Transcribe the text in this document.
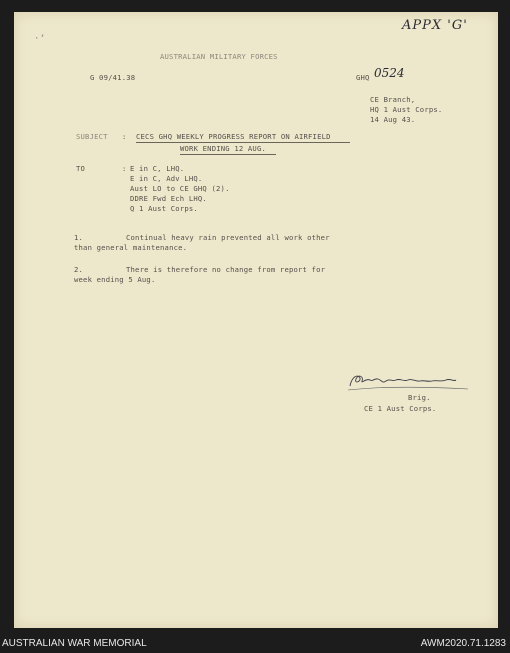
·ʼ
APPX 'G'
AUSTRALIAN MILITARY FORCES
G 09/41.38	GHQ 0524
CE Branch,
HQ 1 Aust Corps.
14 Aug 43.
SUBJECT : CECS GHQ WEEKLY PROGRESS REPORT ON AIRFIELD
WORK ENDING 12 AUG.
TO	: E in C, LHQ.
E in C, Adv LHQ.
Aust LO to CE GHQ (2).
DDRE Fwd Ech LHQ.
Q 1 Aust Corps.
1.	Continual heavy rain prevented all work other
than general maintenance.
2.	There is therefore no change from report for
week ending 5 Aug.
Brig.
CE 1 Aust Corps.
AUSTRALIAN WAR MEMORIAL	AWM2020.71.1283
